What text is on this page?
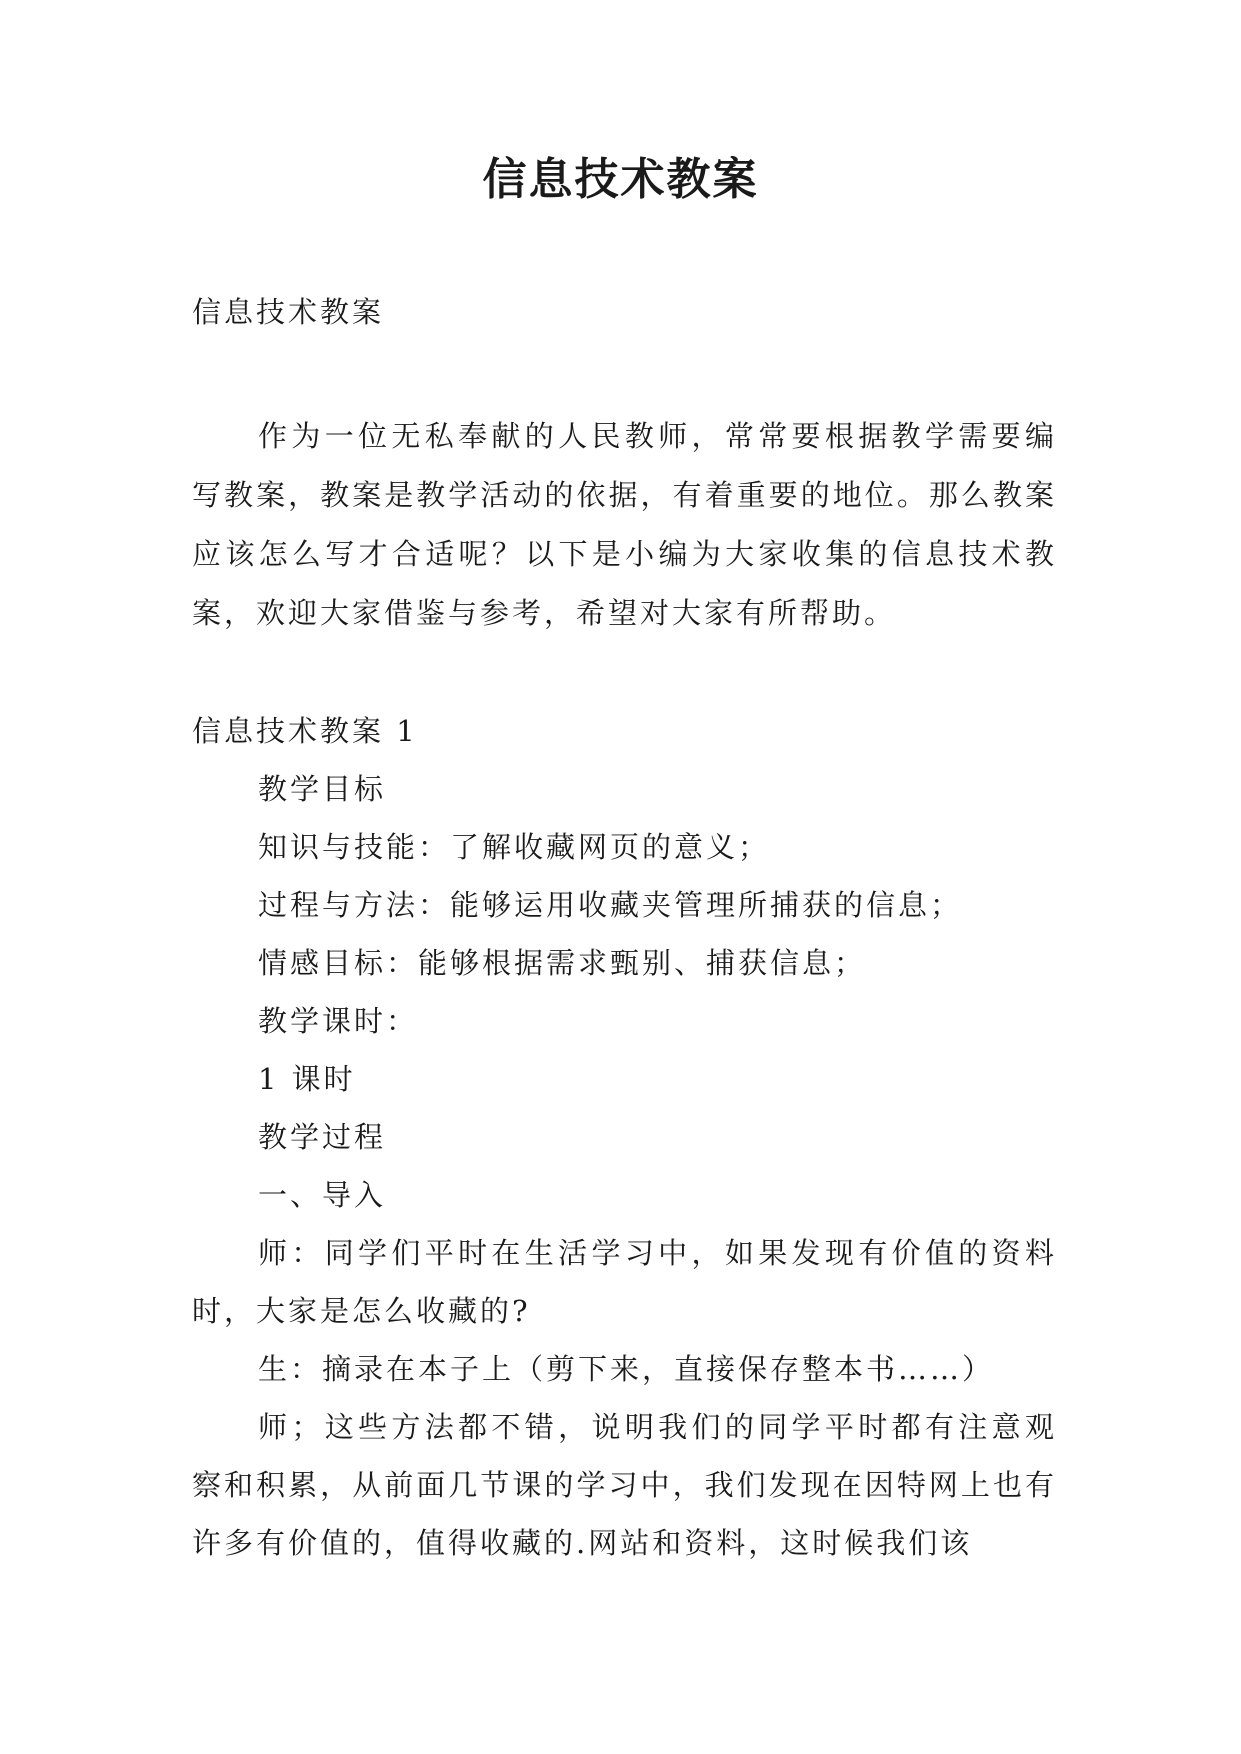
信息技术教案
信息技术教案

作为一位无私奉献的人民教师，常常要根据教学需要编写教案，教案是教学活动的依据，有着重要的地位。那么教案应该怎么写才合适呢？以下是小编为大家收集的信息技术教案，欢迎大家借鉴与参考，希望对大家有所帮助。

信息技术教案 1

教学目标

知识与技能：了解收藏网页的意义；

过程与方法：能够运用收藏夹管理所捕获的信息；

情感目标：能够根据需求甄别、捕获信息；

教学课时：

1 课时

教学过程

一、导入

师：同学们平时在生活学习中，如果发现有价值的资料时，大家是怎么收藏的?

生：摘录在本子上（剪下来，直接保存整本书……）

师；这些方法都不错，说明我们的同学平时都有注意观察和积累，从前面几节课的学习中，我们发现在因特网上也有许多有价值的，值得收藏的.网站和资料，这时候我们该
